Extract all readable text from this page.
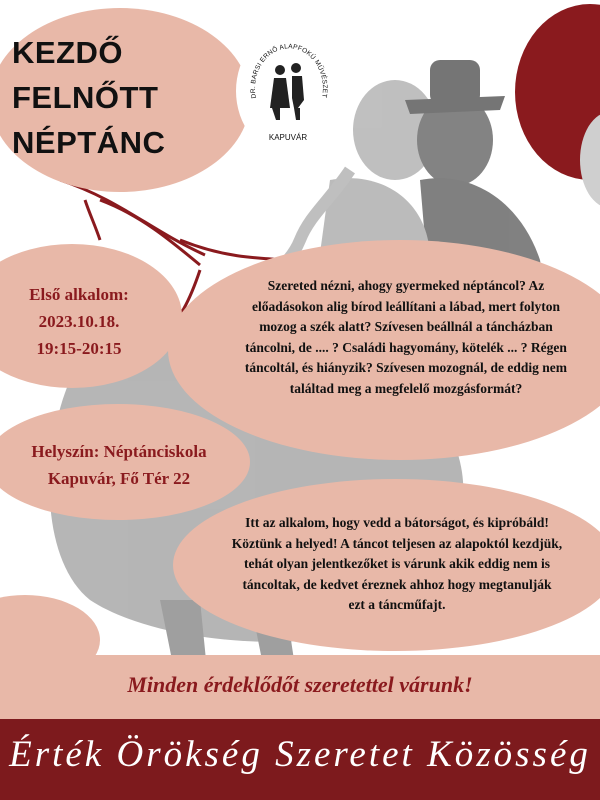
KEZDŐ
FELNŐTT
NÉPTÁNC
DR. BARSI ERNŐ ALAPFOKÚ MŰVÉSZET
KAPUVÁR
Első alkalom:
2023.10.18.
19:15-20:15
Helyszín: Néptánciskola
Kapuvár, Fő Tér 22
Szereted nézni, ahogy gyermeked néptáncol? Az
előadásokon alig bírod leállítani a lábad, mert folyton
mozog a szék alatt? Szívesen beállnál a táncházban
táncolni, de .... ? Családi hagyomány, kötelék ... ? Régen
táncoltál, és hiányzik? Szívesen mozognál, de eddig nem
találtad meg a megfelelő mozgásformát?
Itt az alkalom, hogy vedd a bátorságot, és kipróbáld!
Köztünk a helyed! A táncot teljesen az alapoktól kezdjük,
tehát olyan jelentkezőket is várunk akik eddig nem is
táncoltak, de kedvet éreznek ahhoz hogy megtanulják
ezt a táncműfajt.
Minden érdeklődőt szeretettel várunk!
Érték Örökség Szeretet Közösség
